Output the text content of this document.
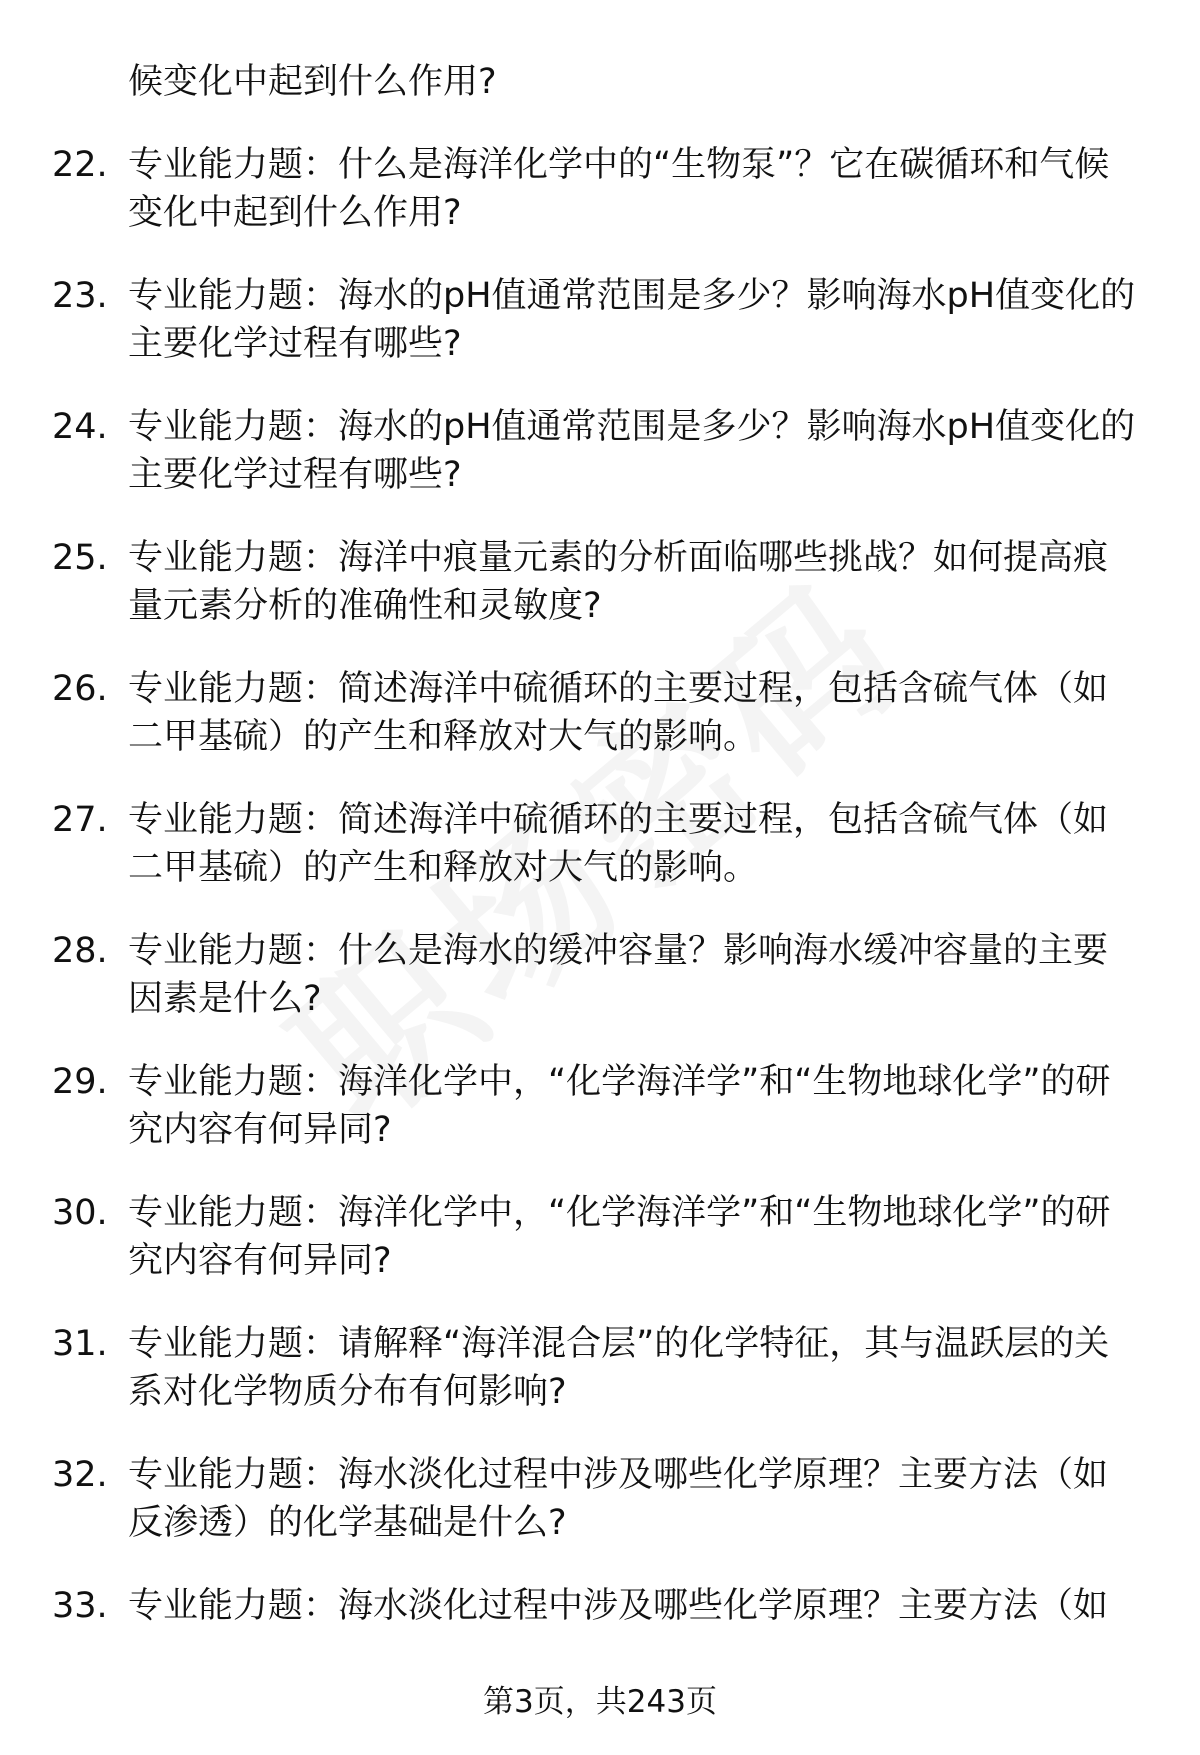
候变化中起到什么作用?
22. 专业能力题：什么是海洋化学中的“生物泵”？它在碳循环和气候变化中起到什么作用?
23. 专业能力题：海水的pH值通常范围是多少？影响海水pH值变化的主要化学过程有哪些?
24. 专业能力题：海水的pH值通常范围是多少？影响海水pH值变化的主要化学过程有哪些?
25. 专业能力题：海洋中痕量元素的分析面临哪些挑战？如何提高痕量元素分析的准确性和灵敏度?
26. 专业能力题：简述海洋中硫循环的主要过程，包括含硫气体（如二甲基硫）的产生和释放对大气的影响。
27. 专业能力题：简述海洋中硫循环的主要过程，包括含硫气体（如二甲基硫）的产生和释放对大气的影响。
28. 专业能力题：什么是海水的缓冲容量？影响海水缓冲容量的主要因素是什么?
29. 专业能力题：海洋化学中，“化学海洋学”和“生物地球化学”的研究内容有何异同?
30. 专业能力题：海洋化学中，“化学海洋学”和“生物地球化学”的研究内容有何异同?
31. 专业能力题：请解释“海洋混合层”的化学特征，其与温跃层的关系对化学物质分布有何影响?
32. 专业能力题：海水淡化过程中涉及哪些化学原理？主要方法（如反渗透）的化学基础是什么?
33. 专业能力题：海水淡化过程中涉及哪些化学原理？主要方法（如
第3页，共243页
